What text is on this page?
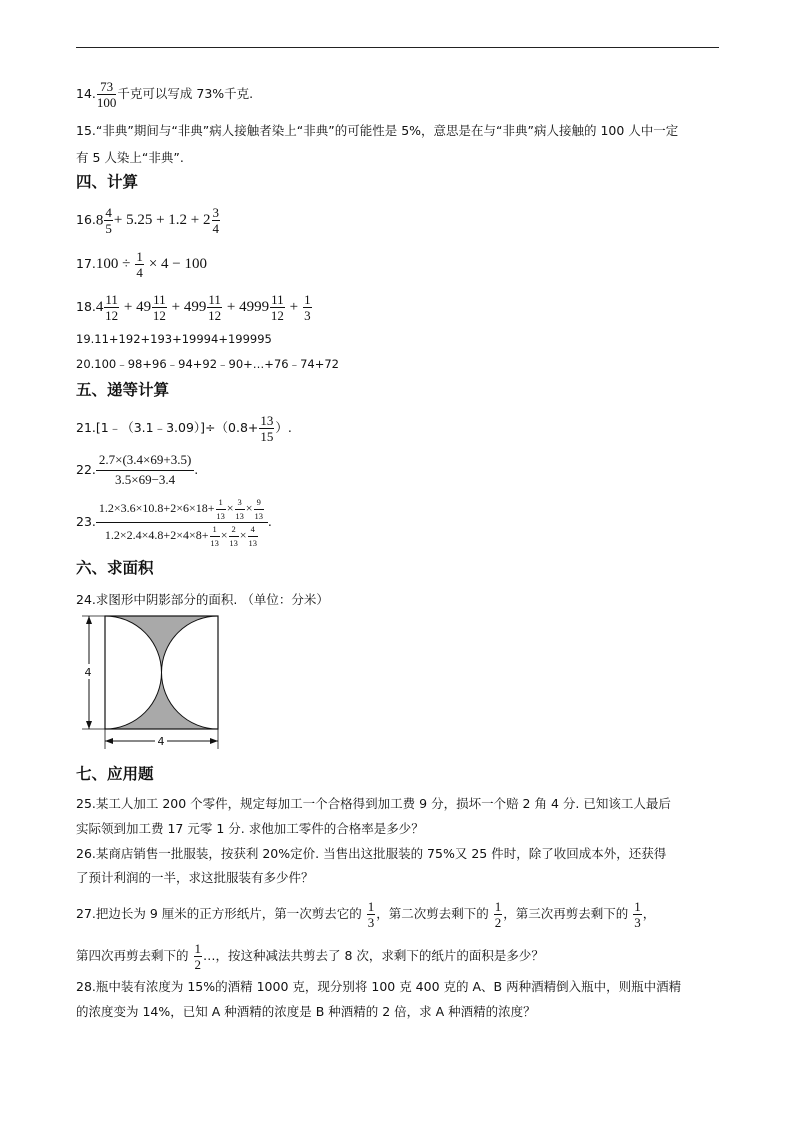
14. $\frac{73}{100}$ 千克可以写成 73%千克.
15.“非典”期间与“非典”病人接触者染上“非典”的可能性是 5%，意思是在与“非典”病人接触的 100 人中一定
有 5 人染上“非典”.
四、计算
$16.8 \frac{4}{5} + 5.25 + 1.2 + 2 \frac{3}{4}$
$17.100 \div \frac{1}{4} \times 4 - 100$
$18.4 \frac{11}{12} + 49 \frac{11}{12} + 499 \frac{11}{12} + 4999 \frac{11}{12} + \frac{1}{3}$
19.11+192+193+19994+199995
20.100﹣98+96﹣94+92﹣90+…+76﹣74+72
五、递等计算
21.[1﹣（3.1﹣3.09）]÷（0.8+ $\frac{13}{15}$ ）.
22. $\frac{2.7\times(3.4\times 69+3.5)}{3.5\times 69-3.4}$ .
23. $\frac{1.2\times 3.6\times 10.8+2\times 6\times 18+ \frac{1}{13} \times \frac{3}{13} \times \frac{9}{13}}{1.2\times 2.4\times 4.8+2\times 4\times 8+ \frac{1}{13} \times \frac{2}{13} \times \frac{4}{13}}$ .
六、求面积
24.求图形中阴影部分的面积. （单位：分米）
4
4
七、应用题
25.某工人加工 200 个零件，规定每加工一个合格得到加工费 9 分，损坏一个赔 2 角 4 分. 已知该工人最后
实际领到加工费 17 元零 1 分. 求他加工零件的合格率是多少？
26.某商店销售一批服装，按获利 20%定价. 当售出这批服装的 75%又 25 件时，除了收回成本外，还获得
了预计利润的一半，求这批服装有多少件？
27.把边长为 9 厘米的正方形纸片，第一次剪去它的 $\frac{1}{3}$ ，第二次剪去剩下的 $\frac{1}{2}$ ，第三次再剪去剩下的 $\frac{1}{3}$ ，
第四次再剪去剩下的 $\frac{1}{2}$ …，按这种减法共剪去了 8 次，求剩下的纸片的面积是多少？
28.瓶中装有浓度为 15%的酒精 1000 克，现分别将 100 克 400 克的 A、B 两种酒精倒入瓶中，则瓶中酒精
的浓度变为 14%，已知 A 种酒精的浓度是 B 种酒精的 2 倍，求 A 种酒精的浓度？
